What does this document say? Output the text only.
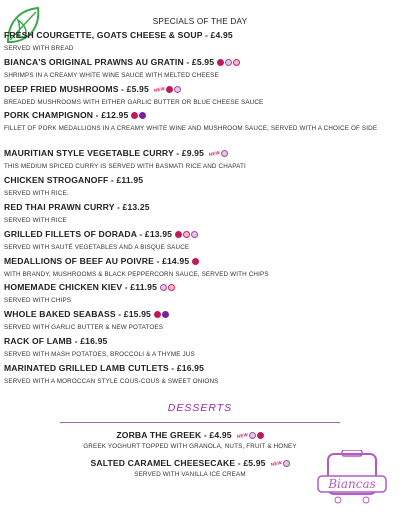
SPECIALS OF THE DAY
FRESH COURGETTE, GOATS CHEESE & SOUP - £4.95
SERVED WITH BREAD
BIANCA'S ORIGINAL PRAWNS AU GRATIN - £5.95
SHRIMPS IN A CREAMY WHITE WINE SAUCE WITH MELTED CHEESE
DEEP FRIED MUSHROOMS - £5.95 NEW
BREADED MUSHROOMS WITH EITHER GARLIC BUTTER OR BLUE CHEESE SAUCE
PORK CHAMPIGNON - £12.95
FILLET OF PORK MEDALLIONS IN A CREAMY WHITE WINE AND MUSHROOM SAUCE, SERVED WITH A CHOICE OF SIDE
MAURITIAN STYLE VEGETABLE CURRY - £9.95 NEW
THIS MEDIUM SPICED CURRY IS SERVED WITH BASMATI RICE AND CHAPATI
CHICKEN STROGANOFF - £11.95
SERVED WITH RICE.
RED THAI PRAWN CURRY - £13.25
SERVED WITH RICE
GRILLED FILLETS OF DORADA - £13.95
SERVED WITH SAUTÉ VEGETABLES AND A BISQUE SAUCE
MEDALLIONS OF BEEF AU POIVRE - £14.95
WITH BRANDY, MUSHROOMS & BLACK PEPPERCORN SAUCE, SERVED WITH CHIPS
HOMEMADE CHICKEN KIEV - £11.95
SERVED WITH CHIPS
WHOLE BAKED SEABASS - £15.95
SERVED WITH GARLIC BUTTER & NEW POTATOES
RACK OF LAMB - £16.95
SERVED WITH MASH POTATOES, BROCCOLI & A THYME JUS
MARINATED GRILLED LAMB CUTLETS - £16.95
SERVED WITH A MOROCCAN STYLE COUS-COUS & SWEET ONIONS
DESSERTS
ZORBA THE GREEK - £4.95 NEW
GREEK YOGHURT TOPPED WITH GRANOLA, NUTS, FRUIT & HONEY
SALTED CARAMEL CHEESECAKE - £5.95 NEW
SERVED WITH VANILLA ICE CREAM
Biancas
